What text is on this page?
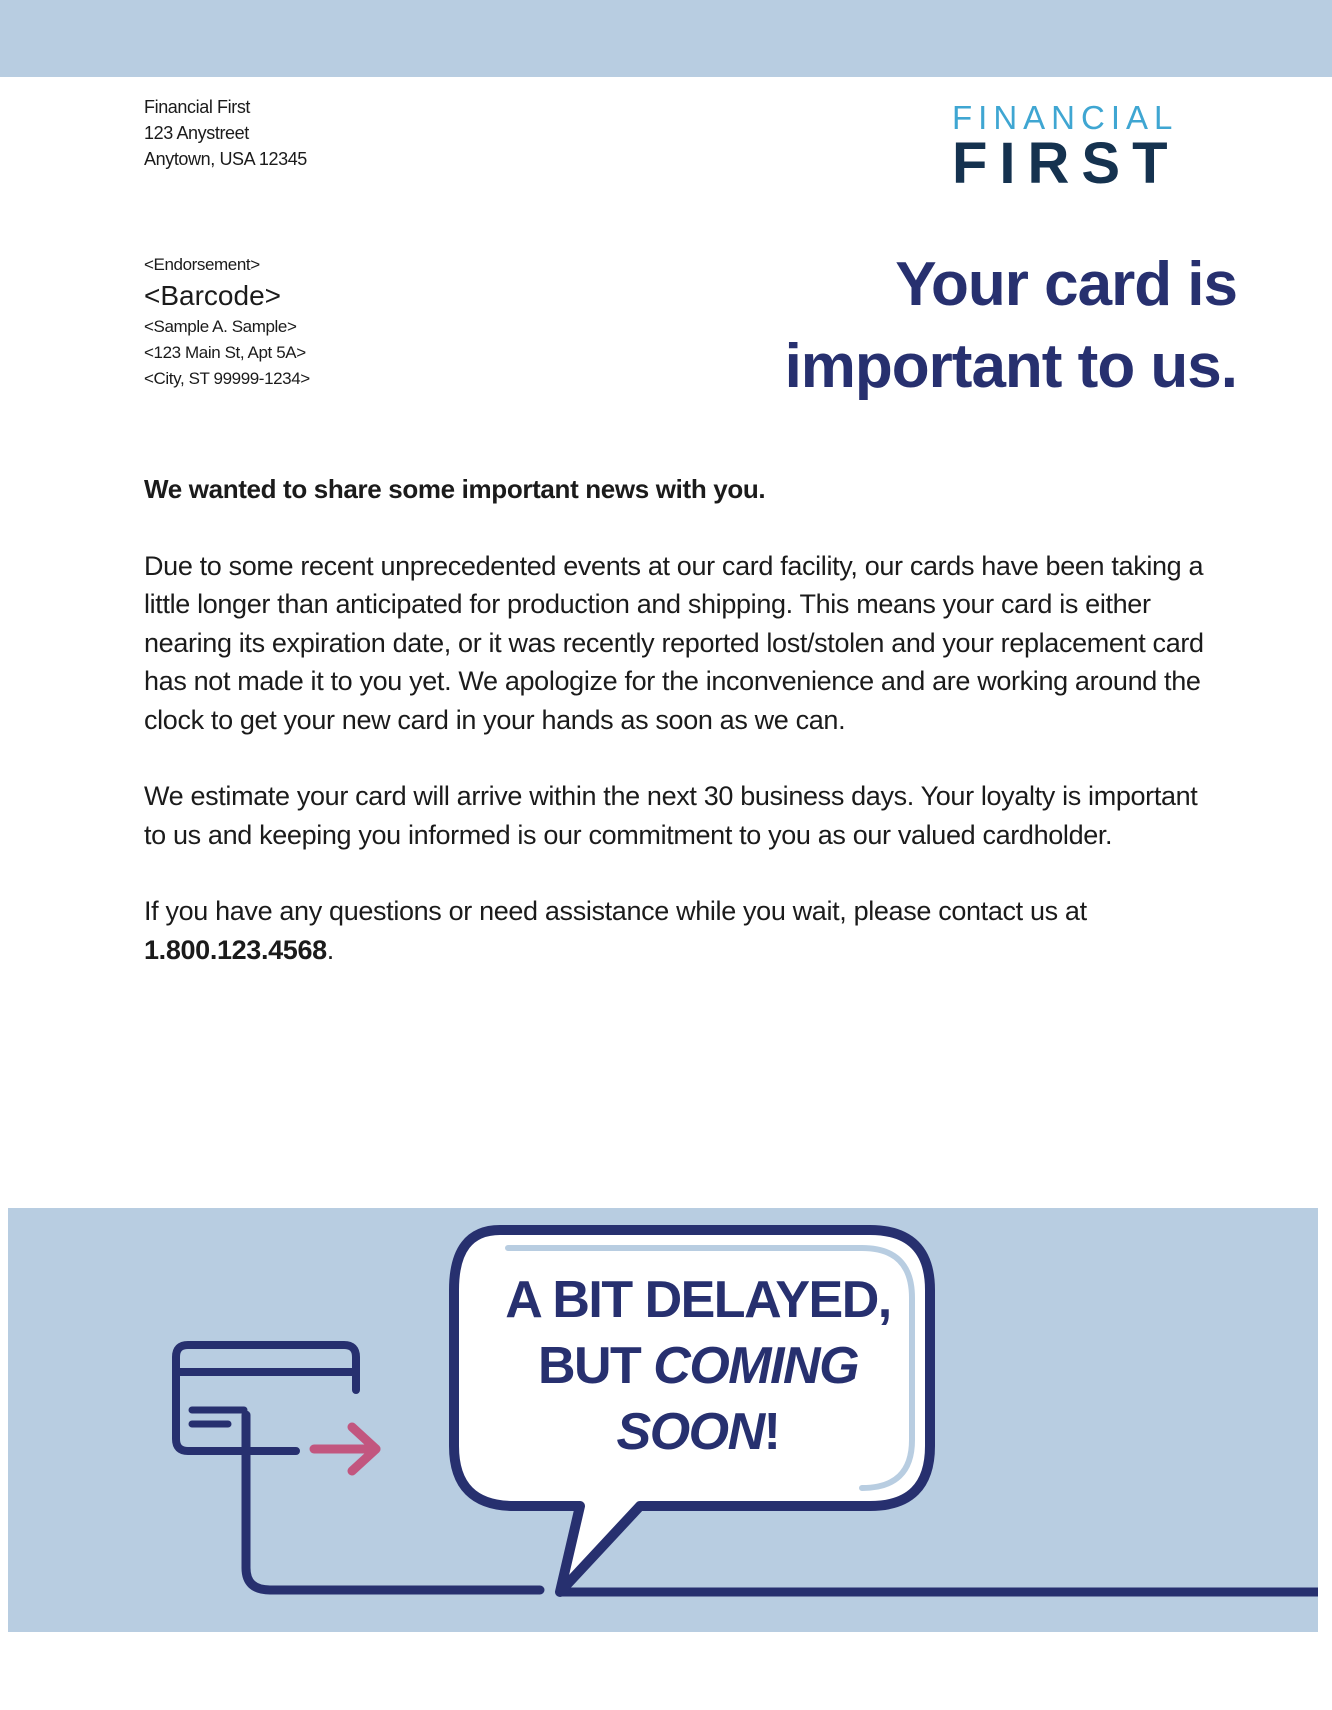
Financial First
123 Anystreet
Anytown, USA 12345
FINANCIAL
FIRST
<Endorsement>
<Barcode>
<Sample A. Sample>
<123 Main St, Apt 5A>
<City, ST 99999-1234>
Your card is
important to us.

We wanted to share some important news with you.

Due to some recent unprecedented events at our card facility, our cards have been taking a little longer than anticipated for production and shipping. This means your card is either nearing its expiration date, or it was recently reported lost/stolen and your replacement card has not made it to you yet. We apologize for the inconvenience and are working around the clock to get your new card in your hands as soon as we can.

We estimate your card will arrive within the next 30 business days. Your loyalty is important to us and keeping you informed is our commitment to you as our valued cardholder.

If you have any questions or need assistance while you wait, please contact us at
1.800.123.4568.

A BIT DELAYED,
BUT COMING
SOON!
